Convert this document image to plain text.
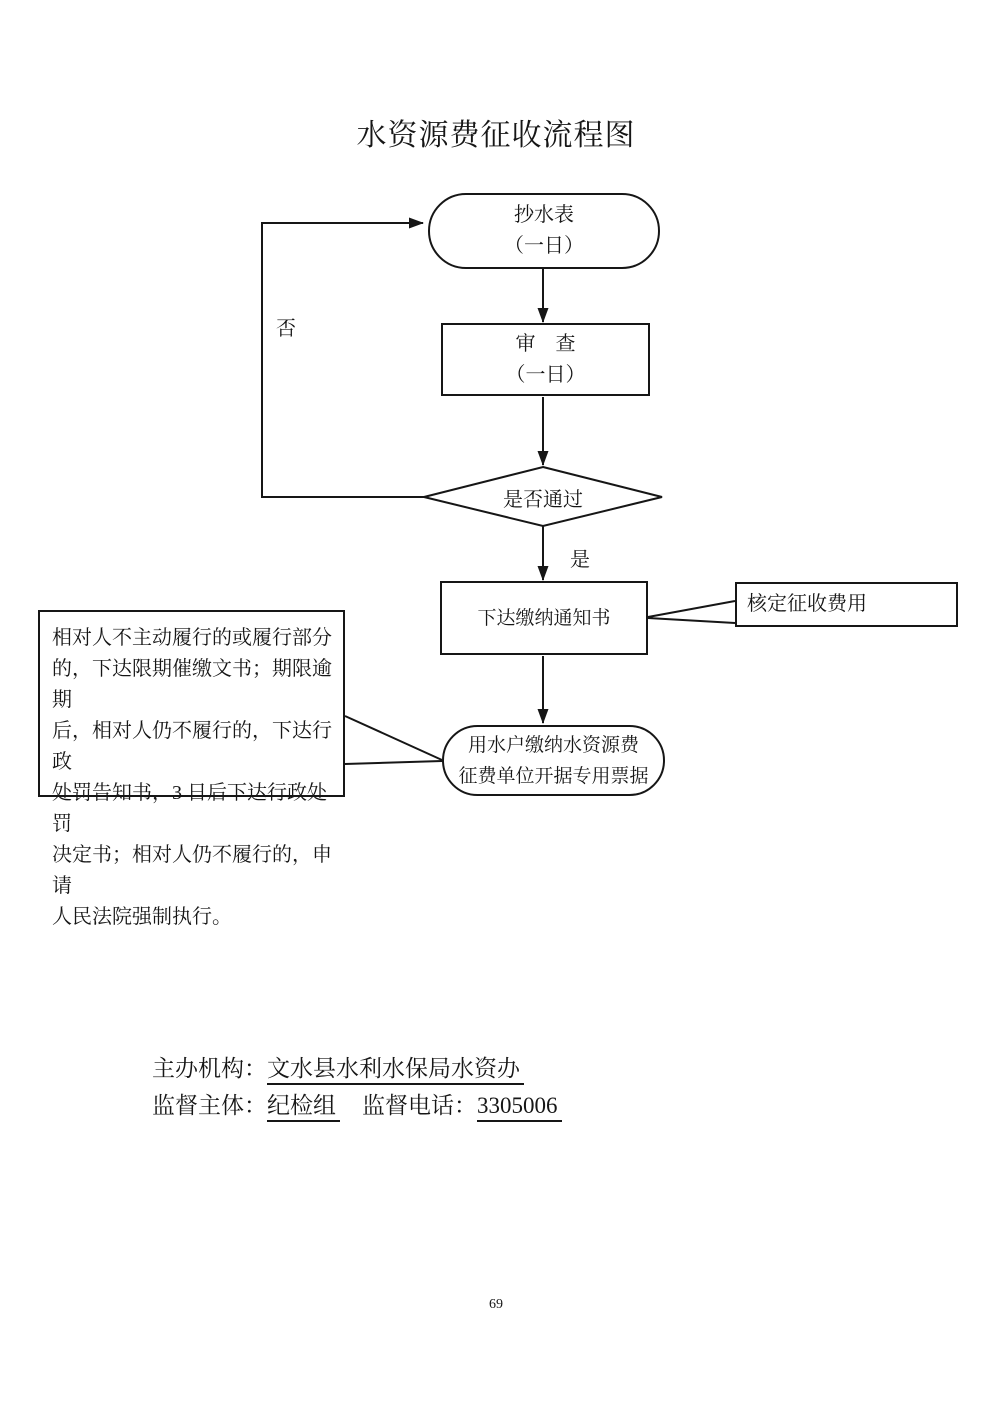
水资源费征收流程图
抄水表
（一日）
审　查
（一日）
是否通过
否
是
下达缴纳通知书
核定征收费用
用水户缴纳水资源费
征费单位开据专用票据
相对人不主动履行的或履行部分
的，下达限期催缴文书；期限逾期
后，相对人仍不履行的，下达行政
处罚告知书，3 日后下达行政处罚
决定书；相对人仍不履行的，申请
人民法院强制执行。
主办机构：文水县水利水保局水资办
监督主体：纪检组 监督电话：3305006
69
